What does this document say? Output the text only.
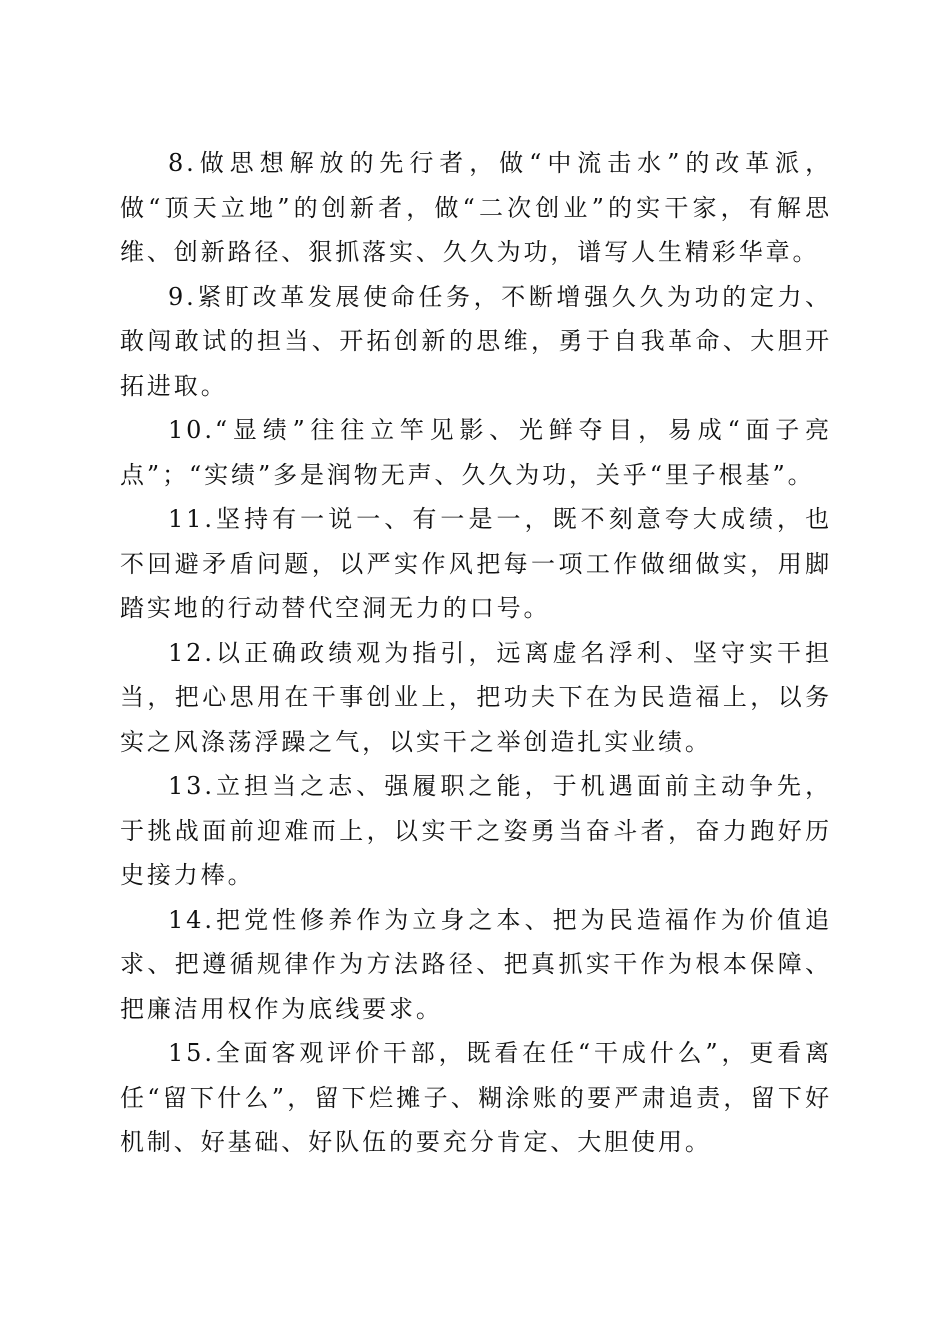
8.做思想解放的先行者，做“中流击水”的改革派，做“顶天立地”的创新者，做“二次创业”的实干家，有解思维、创新路径、狠抓落实、久久为功，谱写人生精彩华章。

9.紧盯改革发展使命任务，不断增强久久为功的定力、敢闯敢试的担当、开拓创新的思维，勇于自我革命、大胆开拓进取。

10.“显绩”往往立竿见影、光鲜夺目，易成“面子亮点”；“实绩”多是润物无声、久久为功，关乎“里子根基”。

11.坚持有一说一、有一是一，既不刻意夸大成绩，也不回避矛盾问题，以严实作风把每一项工作做细做实，用脚踏实地的行动替代空洞无力的口号。

12.以正确政绩观为指引，远离虚名浮利、坚守实干担当，把心思用在干事创业上，把功夫下在为民造福上，以务实之风涤荡浮躁之气，以实干之举创造扎实业绩。

13.立担当之志、强履职之能，于机遇面前主动争先，于挑战面前迎难而上，以实干之姿勇当奋斗者，奋力跑好历史接力棒。

14.把党性修养作为立身之本、把为民造福作为价值追求、把遵循规律作为方法路径、把真抓实干作为根本保障、把廉洁用权作为底线要求。

15.全面客观评价干部，既看在任“干成什么”，更看离任“留下什么”，留下烂摊子、糊涂账的要严肃追责，留下好机制、好基础、好队伍的要充分肯定、大胆使用。
